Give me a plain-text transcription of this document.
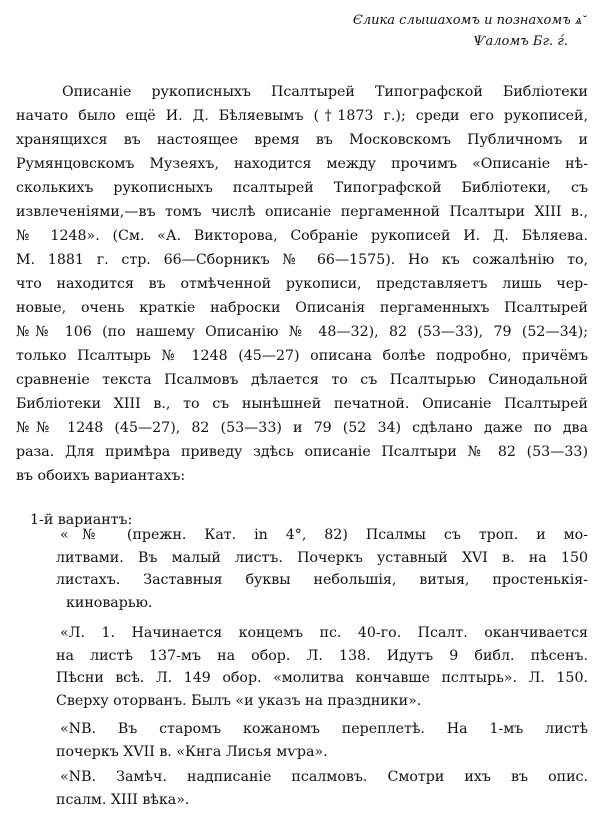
Єлика слышахомъ и познахомъ ѧ̆
Ѱаломъ Бг. ѓ.
Описаніе рукописныхъ Псалтырей Типографской Библіотеки
начато было ещё И. Д. Бѣляевымъ (†1873 г.); среди его рукописей,
хранящихся въ настоящее время въ Московскомъ Публичномъ и
Румянцовскомъ Музеяхъ, находится между прочимъ «Описаніе нѣ-
сколькихъ рукописныхъ псалтырей Типографской Библіотеки, съ
извлеченіями,—въ томъ числѣ описаніе пергаменной Псалтыри XIII в.,
№ 1248». (См. «А. Викторова, Собраніе рукописей И. Д. Бѣляева.
М. 1881 г. стр. 66—Сборникъ № 66—1575). Но къ сожалѣнію то,
что находится въ отмѣченной рукописи, представляетъ лишь чер-
новые, очень краткіе наброски Описанія пергаменныхъ Псалтырей
№№ 106 (по нашему Описанію № 48—32), 82 (53—33), 79 (52—34);
только Псалтырь № 1248 (45—27) описана болѣе подробно, причёмъ
сравненіе текста Псалмовъ дѣлается то съ Псалтырью Синодальной
Библіотеки XIII в., то съ нынѣшней печатной. Описаніе Псалтырей
№№ 1248 (45—27), 82 (53—33) и 79 (52 34) сдѣлано даже по два
раза. Для примѣра приведу здѣсь описаніе Псалтыри № 82 (53—33)
въ обоихъ вариантахъ:
1-й вариантъ:
«№ (прежн. Кат. in 4°, 82) Псалмы съ троп. и мо-
литвами. Въ малый листъ. Почеркъ уставный XVI в. на 150
листахъ. Заставныя буквы небольшія, витыя, простенькія-
киноварью.
«Л. 1. Начинается концемъ пс. 40-го. Псалт. оканчивается
на листѣ 137-мъ на обор. Л. 138. Идутъ 9 библ. пѣсенъ.
Пѣсни всѣ. Л. 149 обор. «молитва кончавше пслтырь». Л. 150.
Сверху оторванъ. Былъ «и указъ на праздники».
«NB. Въ старомъ кожаномъ переплетѣ. На 1-мъ листѣ
почеркъ XVII в. «Кнга Лисья мѵра».
«NB. Замѣч. надписаніе псалмовъ. Смотри ихъ въ опис.
псалм. XIII вѣка».
